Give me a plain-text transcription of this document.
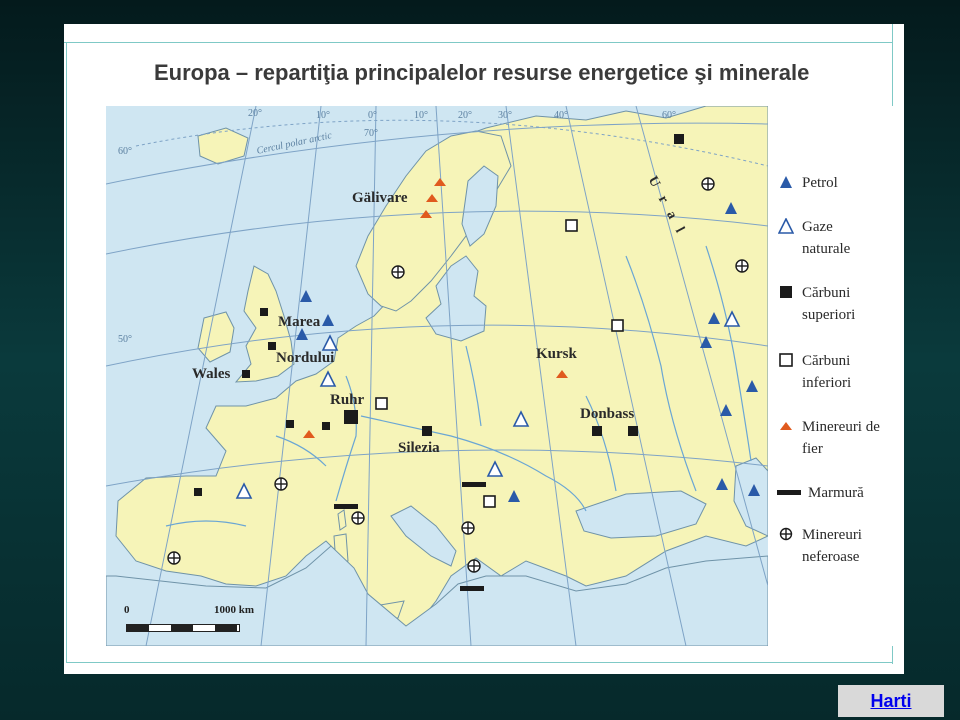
Europa – repartiţia principalelor resurse energetice şi minerale
20°	10°	0°	10°	20°	30°	40°	60°
70°
60°
50°
Cercul polar arctic
Gälivare
Marea
Nordului
Wales
Ruhr
Silezia
Kursk
Donbass
U r a l
0	1000 km
Petrol
Gaze naturale
Cărbuni superiori
Cărbuni inferiori
Minereuri de fier
Marmură
Minereuri neferoase
Harti
